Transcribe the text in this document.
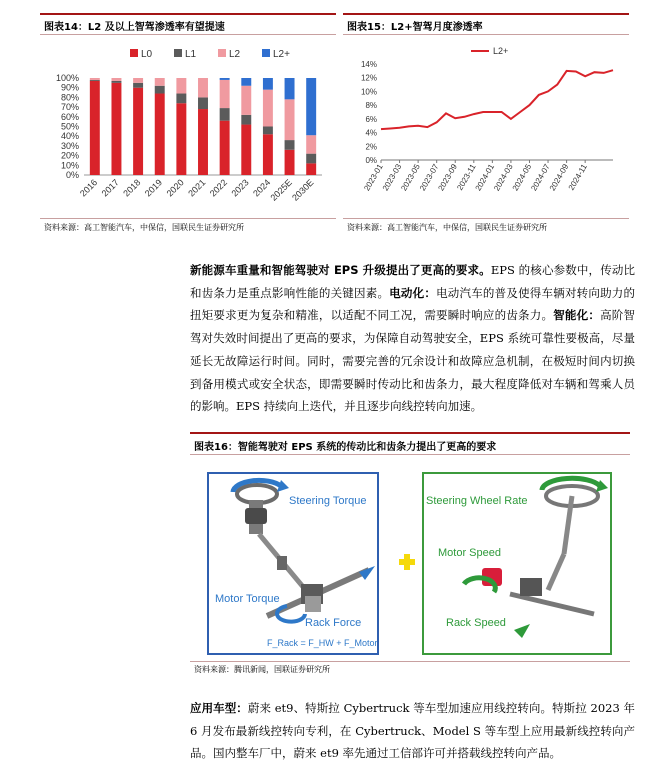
图表14：L2 及以上智驾渗透率有望提速
L0	L1	L2	L2+
0%
10%
20%
30%
40%
50%
60%
70%
80%
90%
100%
2016 2017 2018 2019 2020 2021 2022 2023 2024
2025E
2030E
资料来源：高工智能汽车，中保信，国联民生证券研究所
图表15：L2+智驾月度渗透率
L2+
0%
2%
4%
6%
8%
10%
12%
14%
2023-01
2023-03
2023-05
2023-07
2023-09
2023-11
2024-01
2024-03
2024-05
2024-07
2024-09
2024-11
资料来源：高工智能汽车，中保信，国联民生证券研究所
新能源车重量和智能驾驶对 EPS 升级提出了更高的要求。EPS 的核心参数中，传动比和齿条力是重点影响性能的关键因素。电动化：电动汽车的普及使得车辆对转向助力的扭矩要求更为复杂和精准，以适配不同工况，需要瞬时响应的齿条力。智能化：高阶智驾对失效时间提出了更高的要求，为保障自动驾驶安全，EPS 系统可靠性要极高，尽量延长无故障运行时间。同时，需要完善的冗余设计和故障应急机制，在极短时间内切换到备用模式或安全状态，即需要瞬时传动比和齿条力，最大程度降低对车辆和驾乘人员的影响。EPS 持续向上迭代，并且逐步向线控转向加速。
图表16：智能驾驶对 EPS 系统的传动比和齿条力提出了更高的要求
Steering Torque
Motor Torque
Rack Force
F_Rack = F_HW + F_Motor
Steering Wheel Rate
Motor Speed
Rack Speed
资料来源：腾讯新闻，国联证券研究所
应用车型：蔚来 et9、特斯拉 Cybertruck 等车型加速应用线控转向。特斯拉 2023 年 6 月发布最新线控转向专利，在 Cybertruck、Model S 等车型上应用最新线控转向产品。国内整车厂中，蔚来 et9 率先通过工信部许可并搭载线控转向产品。
